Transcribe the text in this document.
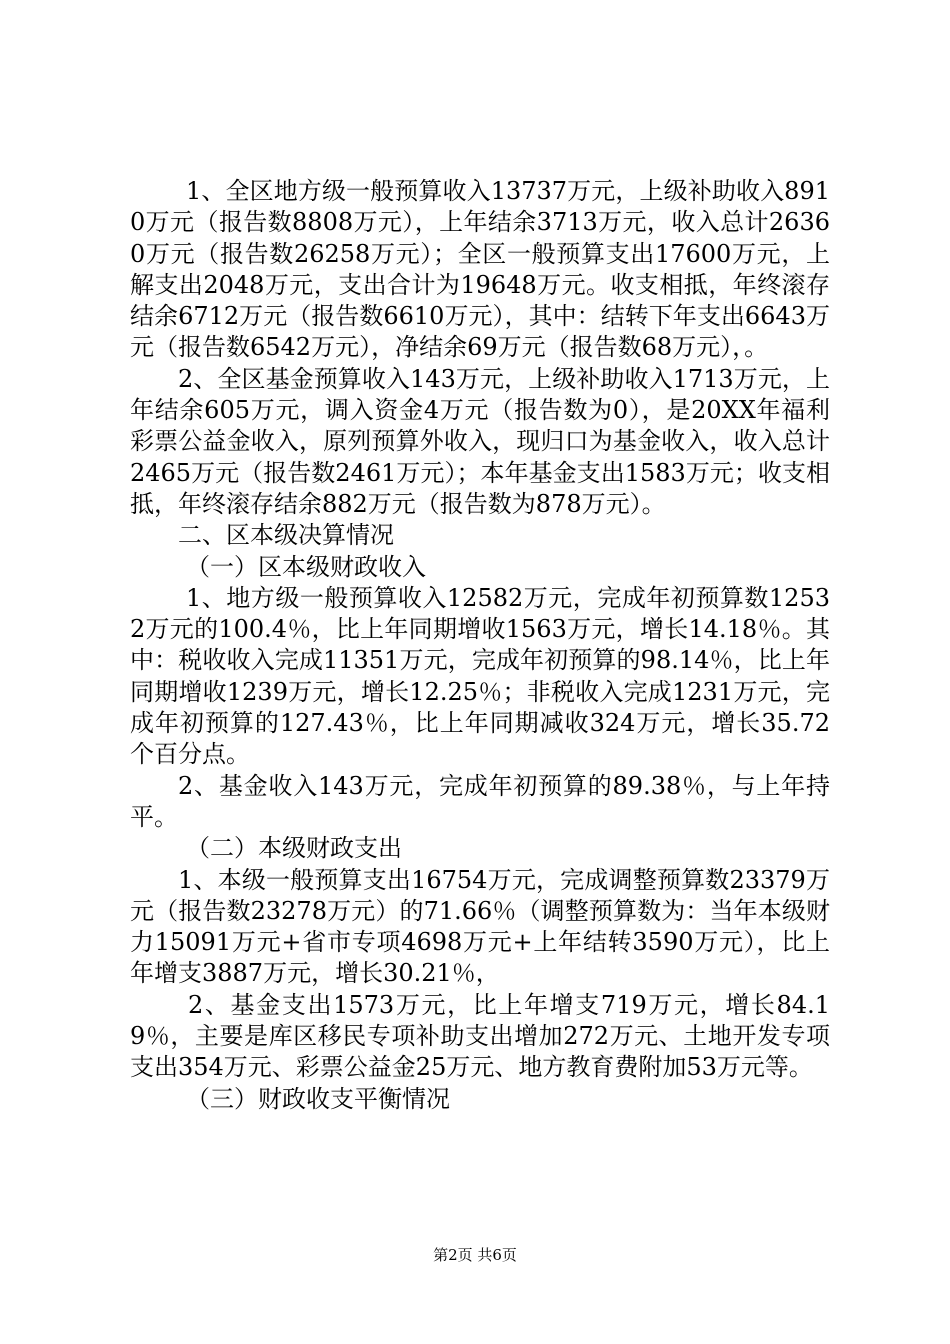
1、全区地方级一般预算收入13737万元，上级补助收入8910万元（报告数8808万元），上年结余3713万元，收入总计26360万元（报告数26258万元）；全区一般预算支出17600万元，上解支出2048万元，支出合计为19648万元。收支相抵，年终滚存结余6712万元（报告数6610万元），其中：结转下年支出6643万元（报告数6542万元），净结余69万元（报告数68万元），。

2、全区基金预算收入143万元，上级补助收入1713万元，上年结余605万元，调入资金4万元（报告数为0），是20XX年福利彩票公益金收入，原列预算外收入，现归口为基金收入，收入总计2465万元（报告数2461万元）；本年基金支出1583万元；收支相抵，年终滚存结余882万元（报告数为878万元）。

二、区本级决算情况

（一）区本级财政收入

1、地方级一般预算收入12582万元，完成年初预算数12532万元的100.4％，比上年同期增收1563万元，增长14.18％。其中：税收收入完成11351万元，完成年初预算的98.14％，比上年同期增收1239万元，增长12.25％；非税收入完成1231万元，完成年初预算的127.43％，比上年同期减收324万元，增长35.72个百分点。

2、基金收入143万元，完成年初预算的89.38％，与上年持平。

（二）本级财政支出

1、本级一般预算支出16754万元，完成调整预算数23379万元（报告数23278万元）的71.66％（调整预算数为：当年本级财力15091万元+省市专项4698万元+上年结转3590万元），比上年增支3887万元，增长30.21％，

2、基金支出1573万元，比上年增支719万元，增长84.19％，主要是库区移民专项补助支出增加272万元、土地开发专项支出354万元、彩票公益金25万元、地方教育费附加53万元等。

（三）财政收支平衡情况

第2页 共6页
